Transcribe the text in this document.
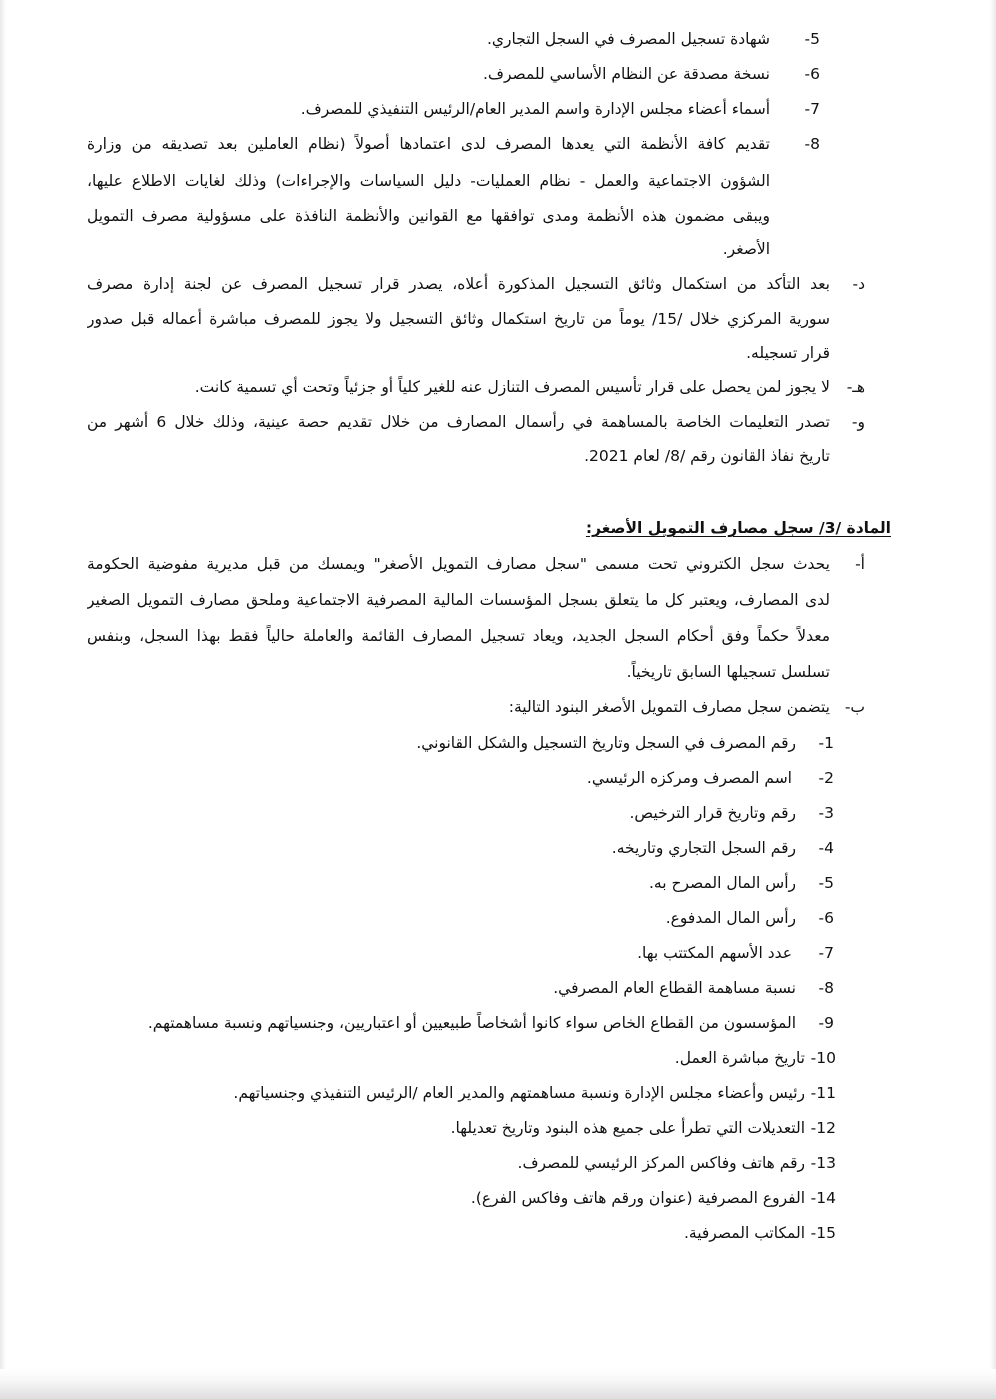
5-
شهادة تسجيل المصرف في السجل التجاري.
6-
نسخة مصدقة عن النظام الأساسي للمصرف.
7-
أسماء أعضاء مجلس الإدارة واسم المدير العام/الرئيس التنفيذي للمصرف.
8-
تقديم كافة الأنظمة التي يعدها المصرف لدى اعتمادها أصولاً (نظام العاملين بعد تصديقه من وزارة
الشؤون الاجتماعية والعمل - نظام العمليات- دليل السياسات والإجراءات) وذلك لغايات الاطلاع عليها،
ويبقى مضمون هذه الأنظمة ومدى توافقها مع القوانين والأنظمة النافذة على مسؤولية مصرف التمويل
الأصغر.
د-
بعد التأكد من استكمال وثائق التسجيل المذكورة أعلاه، يصدر قرار تسجيل المصرف عن لجنة إدارة مصرف
سورية المركزي خلال /15/ يوماً من تاريخ استكمال وثائق التسجيل ولا يجوز للمصرف مباشرة أعماله قبل صدور
قرار تسجيله.
هـ-
لا يجوز لمن يحصل على قرار تأسيس المصرف التنازل عنه للغير كلياً أو جزئياً وتحت أي تسمية كانت.
و-
تصدر التعليمات الخاصة بالمساهمة في رأسمال المصارف من خلال تقديم حصة عينية، وذلك خلال 6 أشهر من
تاريخ نفاذ القانون رقم /8/ لعام 2021.
المادة /3/ سجل مصارف التمويل الأصغر:
أ-
يحدث سجل الكتروني تحت مسمى "سجل مصارف التمويل الأصغر" ويمسك من قبل مديرية مفوضية الحكومة
لدى المصارف، ويعتبر كل ما يتعلق بسجل المؤسسات المالية المصرفية الاجتماعية وملحق مصارف التمويل الصغير
معدلاً حكماً وفق أحكام السجل الجديد، ويعاد تسجيل المصارف القائمة والعاملة حالياً فقط بهذا السجل، وبنفس
تسلسل تسجيلها السابق تاريخياً.
ب-
يتضمن سجل مصارف التمويل الأصغر البنود التالية:
1-
رقم المصرف في السجل وتاريخ التسجيل والشكل القانوني.
2-
اسم المصرف ومركزه الرئيسي.
3-
رقم وتاريخ قرار الترخيص.
4-
رقم السجل التجاري وتاريخه.
5-
رأس المال المصرح به.
6-
رأس المال المدفوع.
7-
عدد الأسهم المكتتب بها.
8-
نسبة مساهمة القطاع العام المصرفي.
9-
المؤسسون من القطاع الخاص سواء كانوا أشخاصاً طبيعيين أو اعتباريين، وجنسياتهم ونسبة مساهمتهم.
10-
تاريخ مباشرة العمل.
11-
رئيس وأعضاء مجلس الإدارة ونسبة مساهمتهم والمدير العام /الرئيس التنفيذي وجنسياتهم.
12-
التعديلات التي تطرأ على جميع هذه البنود وتاريخ تعديلها.
13-
رقم هاتف وفاكس المركز الرئيسي للمصرف.
14-
الفروع المصرفية (عنوان ورقم هاتف وفاكس الفرع).
15-
المكاتب المصرفية.
